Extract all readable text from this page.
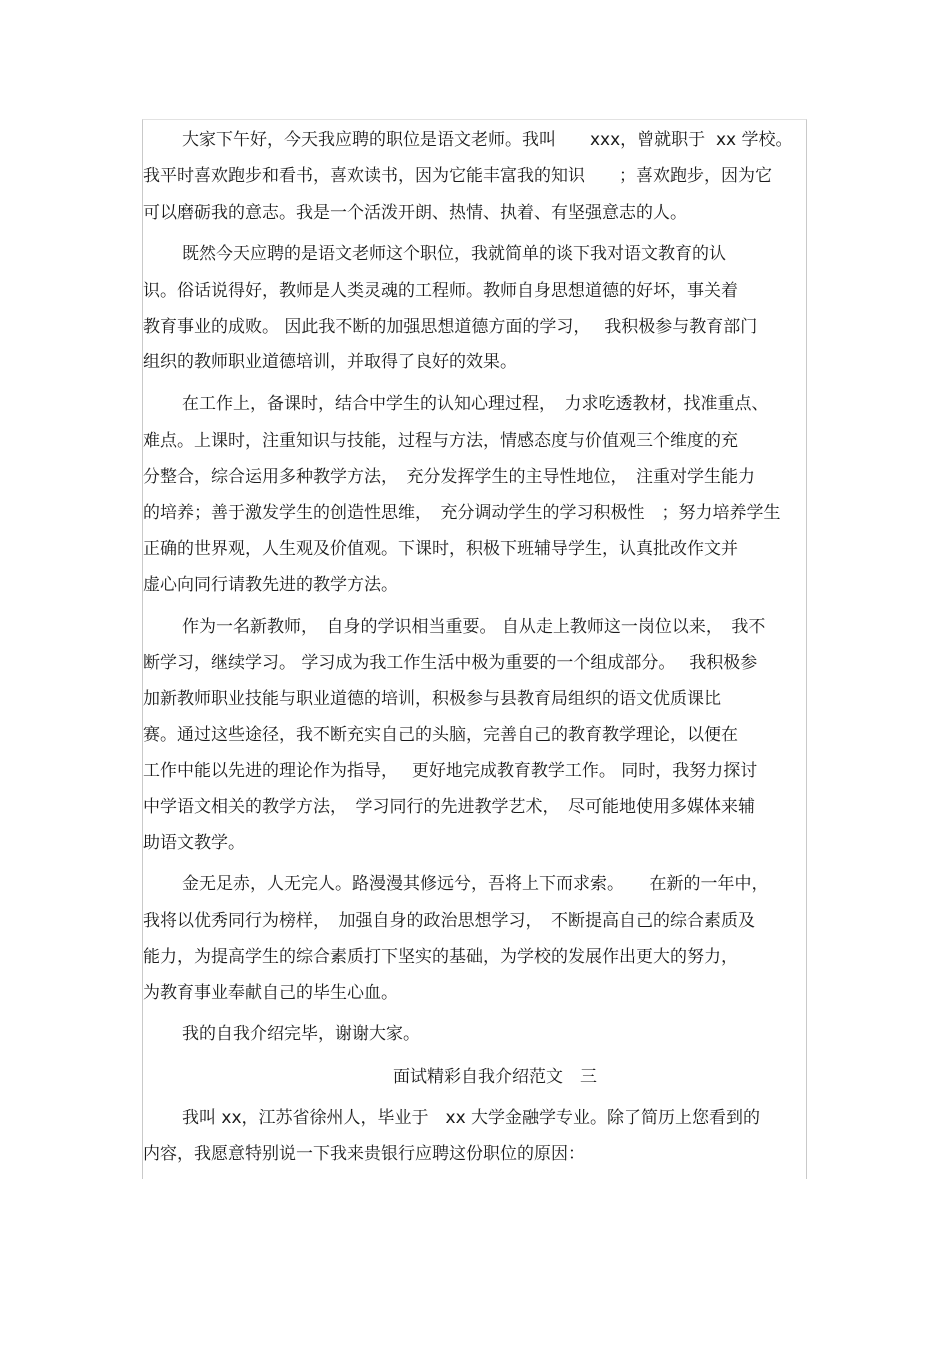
大家下午好，今天我应聘的职位是语文老师。我叫　　xxx，曾就职于  xx 学校。
我平时喜欢跑步和看书，喜欢读书，因为它能丰富我的知识　　；喜欢跑步，因为它
可以磨砺我的意志。我是一个活泼开朗、热情、执着、有坚强意志的人。
既然今天应聘的是语文老师这个职位，我就简单的谈下我对语文教育的认
识。俗话说得好，教师是人类灵魂的工程师。教师自身思想道德的好坏，事关着
教育事业的成败。 因此我不断的加强思想道德方面的学习，　 我积极参与教育部门
组织的教师职业道德培训，并取得了良好的效果。
在工作上，备课时，结合中学生的认知心理过程，　力求吃透教材，找准重点、
难点。上课时，注重知识与技能，过程与方法，情感态度与价值观三个维度的充
分整合，综合运用多种教学方法，　充分发挥学生的主导性地位，　注重对学生能力
的培养；善于激发学生的创造性思维，　充分调动学生的学习积极性　；努力培养学生
正确的世界观，人生观及价值观。下课时，积极下班辅导学生，认真批改作文并
虚心向同行请教先进的教学方法。
作为一名新教师，　自身的学识相当重要。 自从走上教师这一岗位以来，　我不
断学习，继续学习。 学习成为我工作生活中极为重要的一个组成部分。　 我积极参
加新教师职业技能与职业道德的培训，积极参与县教育局组织的语文优质课比
赛。通过这些途径，我不断充实自己的头脑，完善自己的教育教学理论，以便在
工作中能以先进的理论作为指导，　 更好地完成教育教学工作。 同时，我努力探讨
中学语文相关的教学方法，　学习同行的先进教学艺术，　尽可能地使用多媒体来辅
助语文教学。
金无足赤，人无完人。路漫漫其修远兮，吾将上下而求索。　　在新的一年中，
我将以优秀同行为榜样，　加强自身的政治思想学习，　不断提高自己的综合素质及
能力，为提高学生的综合素质打下坚实的基础，为学校的发展作出更大的努力，
为教育事业奉献自己的毕生心血。
我的自我介绍完毕，谢谢大家。
面试精彩自我介绍范文　三
我叫 xx，江苏省徐州人，毕业于　xx 大学金融学专业。除了简历上您看到的
内容，我愿意特别说一下我来贵银行应聘这份职位的原因：
